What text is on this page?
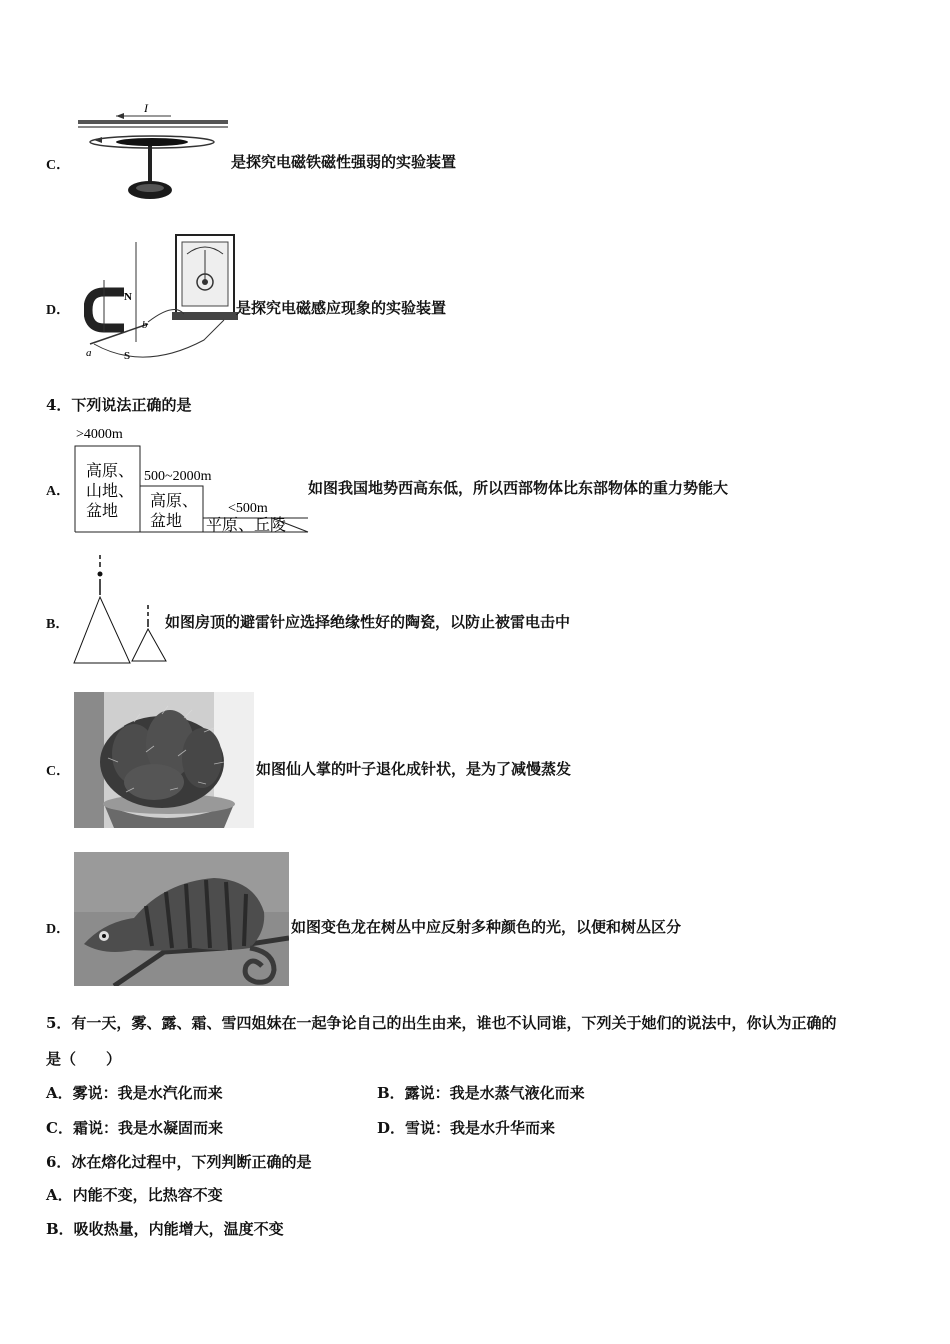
C．
I
是探究电磁铁磁性强弱的实验装置
D．
N
S
a
b
是探究电磁感应现象的实验装置
4．下列说法正确的是
A．
>4000m
高原、
山地、
盆地
500~2000m
高原、
盆地
<500m
平原、丘陵
如图我国地势西高东低，所以西部物体比东部物体的重力势能大
B．	如图房顶的避雷针应选择绝缘性好的陶瓷，以防止被雷电击中
C．	如图仙人掌的叶子退化成针状，是为了减慢蒸发
D．	如图变色龙在树丛中应反射多种颜色的光，以便和树丛区分
5．有一天，雾、露、霜、雪四姐妹在一起争论自己的出生由来，谁也不认同谁，下列关于她们的说法中，你认为正确的
是（　　）
A．雾说：我是水汽化而来	B．露说：我是水蒸气液化而来
C．霜说：我是水凝固而来	D．雪说：我是水升华而来
6．冰在熔化过程中，下列判断正确的是
A．内能不变，比热容不变
B．吸收热量，内能增大，温度不变
